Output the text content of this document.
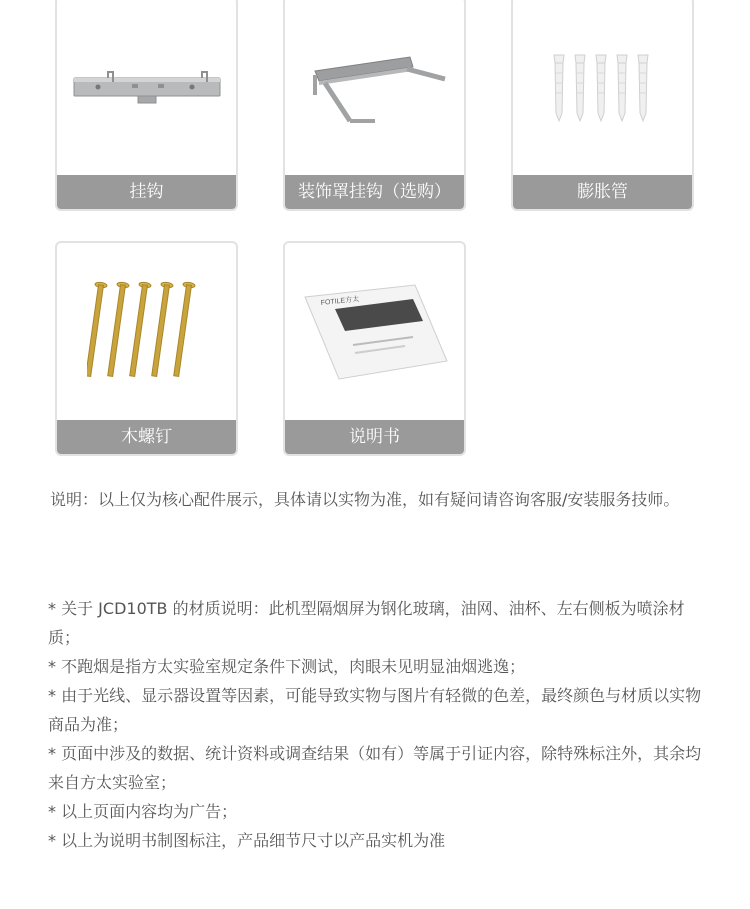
挂钩	装饰罩挂钩（选购）	膨胀管
木螺钉
FOTILE方太
说明书
说明：以上仅为核心配件展示，具体请以实物为准，如有疑问请咨询客服/安装服务技师。

* 关于 JCD10TB 的材质说明：此机型隔烟屏为钢化玻璃，油网、油杯、左右侧板为喷涂材质；

* 不跑烟是指方太实验室规定条件下测试，肉眼未见明显油烟逃逸；

* 由于光线、显示器设置等因素，可能导致实物与图片有轻微的色差，最终颜色与材质以实物商品为准；

* 页面中涉及的数据、统计资料或调查结果（如有）等属于引证内容，除特殊标注外，其余均来自方太实验室；

* 以上页面内容均为广告；

* 以上为说明书制图标注，产品细节尺寸以产品实机为准
